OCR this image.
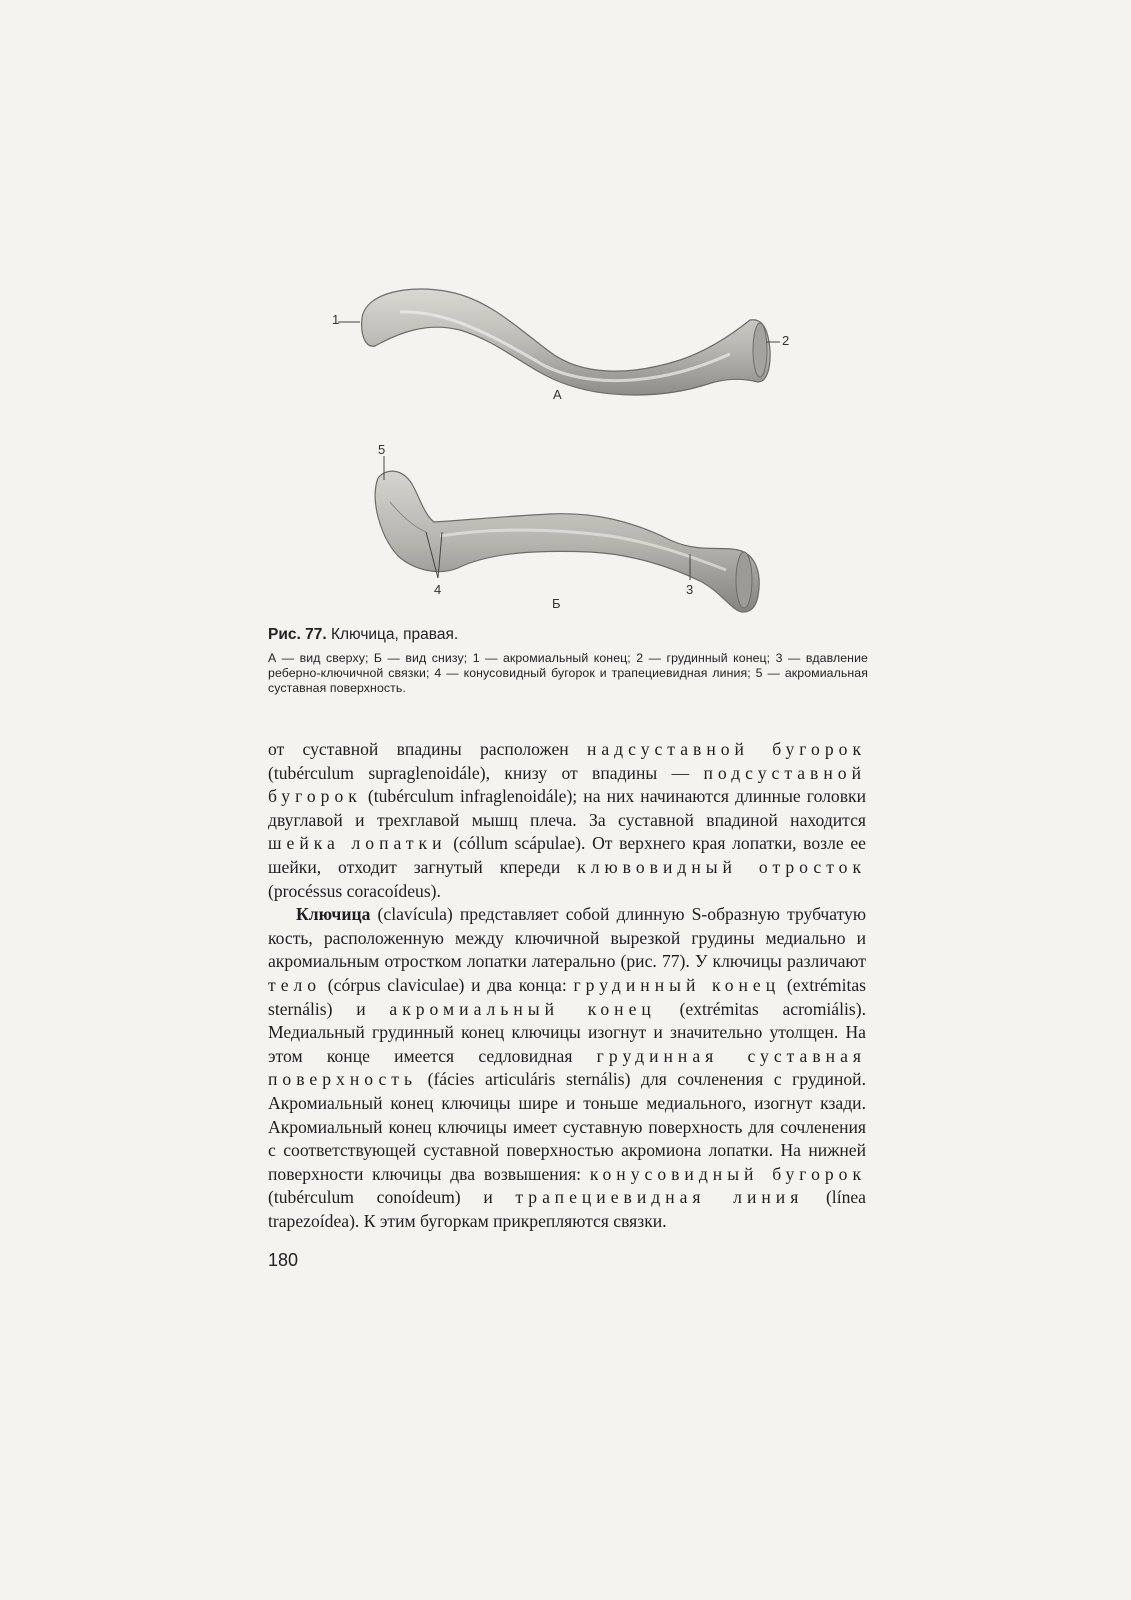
1
2
А
5
4
Б
3

Рис. 77. Ключица, правая.

А — вид сверху; Б — вид снизу; 1 — акромиальный конец; 2 — грудинный конец; 3 — вдавление реберно-ключичной связки; 4 — конусовидный бугорок и трапециевидная линия; 5 — акромиальная суставная поверхность.

от суставной впадины расположен надсуставной бугорок (tubérculum supraglenoidále), книзу от впадины — подсуставной бугорок (tubérculum infraglenoidále); на них начинаются длинные головки двуглавой и трехглавой мышц плеча. За суставной впадиной находится шейка лопатки (cóllum scápulae). От верхнего края лопатки, возле ее шейки, отходит загнутый кпереди клювовидный отросток (procéssus coracoídeus).

Ключица (clavícula) представляет собой длинную S-образную трубчатую кость, расположенную между ключичной вырезкой грудины медиально и акромиальным отростком лопатки латерально (рис. 77). У ключицы различают тело (córpus claviculae) и два конца: грудинный конец (extrémitas sternális) и акромиальный конец (extrémitas acromiális). Медиальный грудинный конец ключицы изогнут и значительно утолщен. На этом конце имеется седловидная грудинная суставная поверхность (fácies articuláris sternális) для сочленения с грудиной. Акромиальный конец ключицы шире и тоньше медиального, изогнут кзади. Акромиальный конец ключицы имеет суставную поверхность для сочленения с соответствующей суставной поверхностью акромиона лопатки. На нижней поверхности ключицы два возвышения: конусовидный бугорок (tubérculum conoídeum) и трапециевидная линия (línea trapezoídea). К этим бугоркам прикрепляются связки.

180
